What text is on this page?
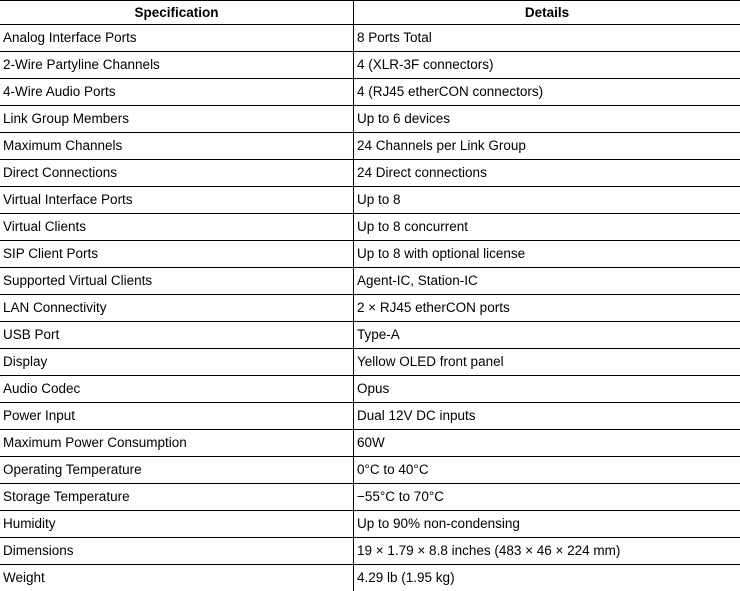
Specification	Details
Analog Interface Ports	8 Ports Total
2-Wire Partyline Channels	4 (XLR-3F connectors)
4-Wire Audio Ports	4 (RJ45 etherCON connectors)
Link Group Members	Up to 6 devices
Maximum Channels	24 Channels per Link Group
Direct Connections	24 Direct connections
Virtual Interface Ports	Up to 8
Virtual Clients	Up to 8 concurrent
SIP Client Ports	Up to 8 with optional license
Supported Virtual Clients	Agent-IC, Station-IC
LAN Connectivity	2 × RJ45 etherCON ports
USB Port	Type-A
Display	Yellow OLED front panel
Audio Codec	Opus
Power Input	Dual 12V DC inputs
Maximum Power Consumption	60W
Operating Temperature	0°C to 40°C
Storage Temperature	−55°C to 70°C
Humidity	Up to 90% non-condensing
Dimensions	19 × 1.79 × 8.8 inches (483 × 46 × 224 mm)
Weight	4.29 lb (1.95 kg)
